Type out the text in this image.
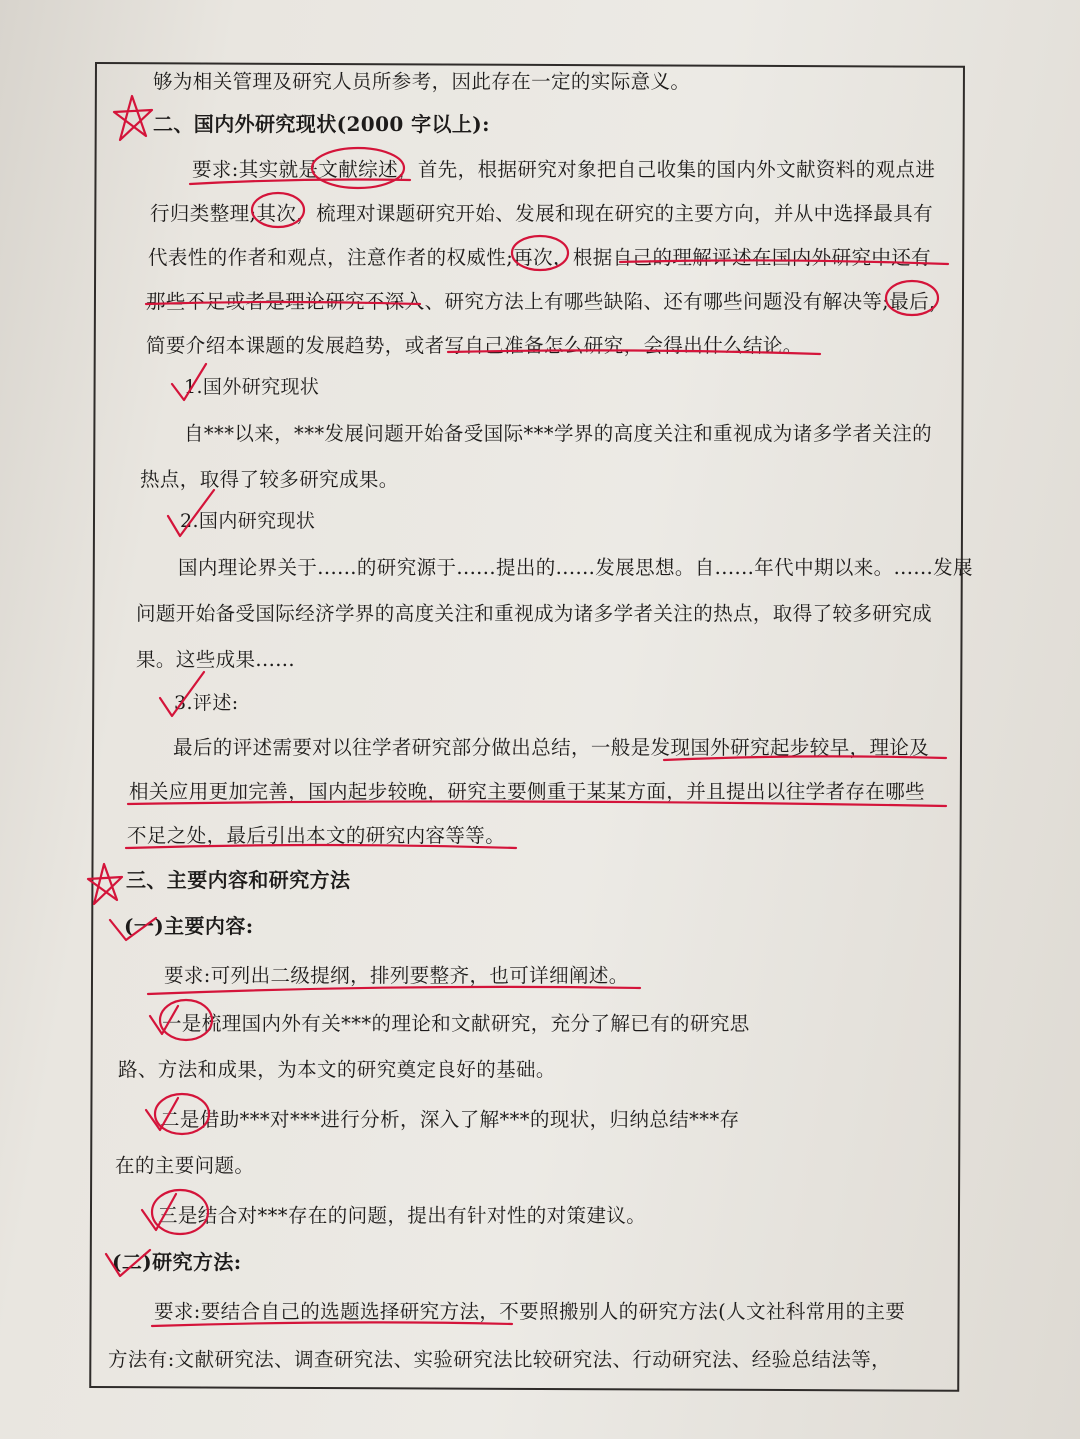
够为相关管理及研究人员所参考，因此存在一定的实际意义。
二、国内外研究现状(2000 字以上):
要求:其实就是文献综述，首先，根据研究对象把自己收集的国内外文献资料的观点进
行归类整理;其次，梳理对课题研究开始、发展和现在研究的主要方向，并从中选择最具有
代表性的作者和观点，注意作者的权威性;再次，根据自己的理解评述在国内外研究中还有
那些不足或者是理论研究不深入、研究方法上有哪些缺陷、还有哪些问题没有解决等;最后，
简要介绍本课题的发展趋势，或者写自己准备怎么研究，会得出什么结论。
1.国外研究现状
自***以来，***发展问题开始备受国际***学界的高度关注和重视成为诸多学者关注的
热点，取得了较多研究成果。
2.国内研究现状
国内理论界关于......的研究源于......提出的......发展思想。自......年代中期以来。......发展
问题开始备受国际经济学界的高度关注和重视成为诸多学者关注的热点，取得了较多研究成
果。这些成果......
3.评述:
最后的评述需要对以往学者研究部分做出总结，一般是发现国外研究起步较早，理论及
相关应用更加完善，国内起步较晚，研究主要侧重于某某方面，并且提出以往学者存在哪些
不足之处，最后引出本文的研究内容等等。
三、主要内容和研究方法
(一)主要内容:
要求:可列出二级提纲，排列要整齐，也可详细阐述。
一是梳理国内外有关***的理论和文献研究，充分了解已有的研究思
路、方法和成果，为本文的研究奠定良好的基础。
二是借助***对***进行分析，深入了解***的现状，归纳总结***存
在的主要问题。
三是结合对***存在的问题，提出有针对性的对策建议。
(二)研究方法:
要求:要结合自己的选题选择研究方法，不要照搬别人的研究方法(人文社科常用的主要
方法有:文献研究法、调查研究法、实验研究法比较研究法、行动研究法、经验总结法等，
